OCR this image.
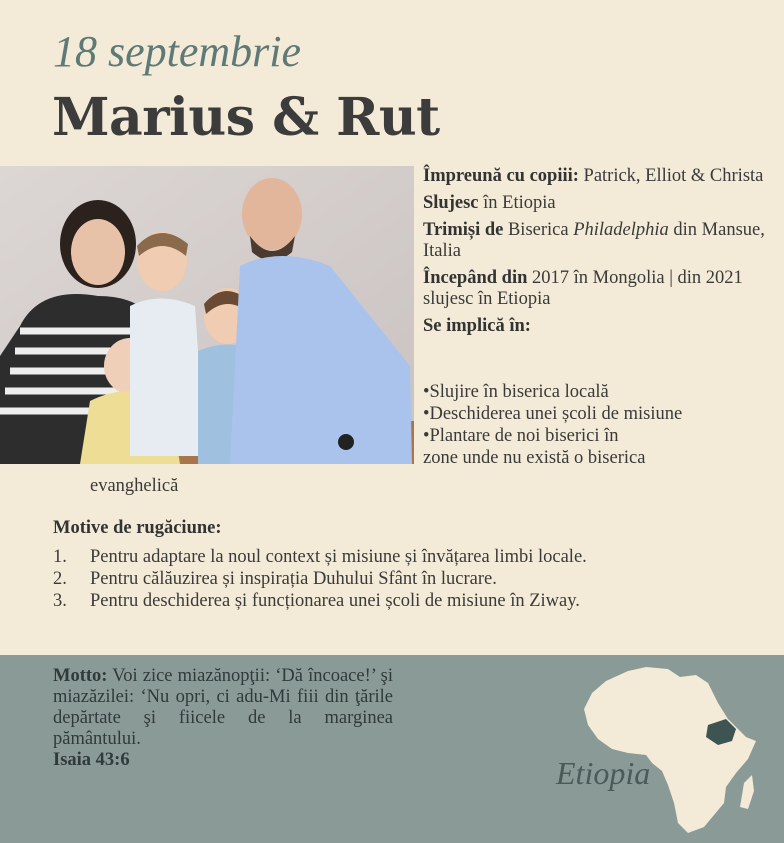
18 septembrie
Marius & Rut

Împreună cu copiii: Patrick, Elliot & Christa

Slujesc în Etiopia

Trimiși de Biserica Philadelphia din Mansue, Italia

Începând din 2017 în Mongolia | din 2021 slujesc în Etiopia

Se implică în:

•Slujire în biserica locală
•Deschiderea unei școli de misiune
•Plantare de noi biserici în
zone unde nu există o biserica
evanghelică
Motive de rugăciune:
1.	Pentru adaptare la noul context și misiune și învățarea limbi locale.
2.	Pentru călăuzirea și inspirația Duhului Sfânt în lucrare.
3.	Pentru deschiderea și funcționarea unei școli de misiune în Ziway.
Motto: Voi zice miazănopţii: ‘Dă încoace!’ şi miazăzilei: ‘Nu opri, ci adu-Mi fiii din ţările depărtate şi fiicele de la marginea pământului.
Isaia 43:6	Etiopia
